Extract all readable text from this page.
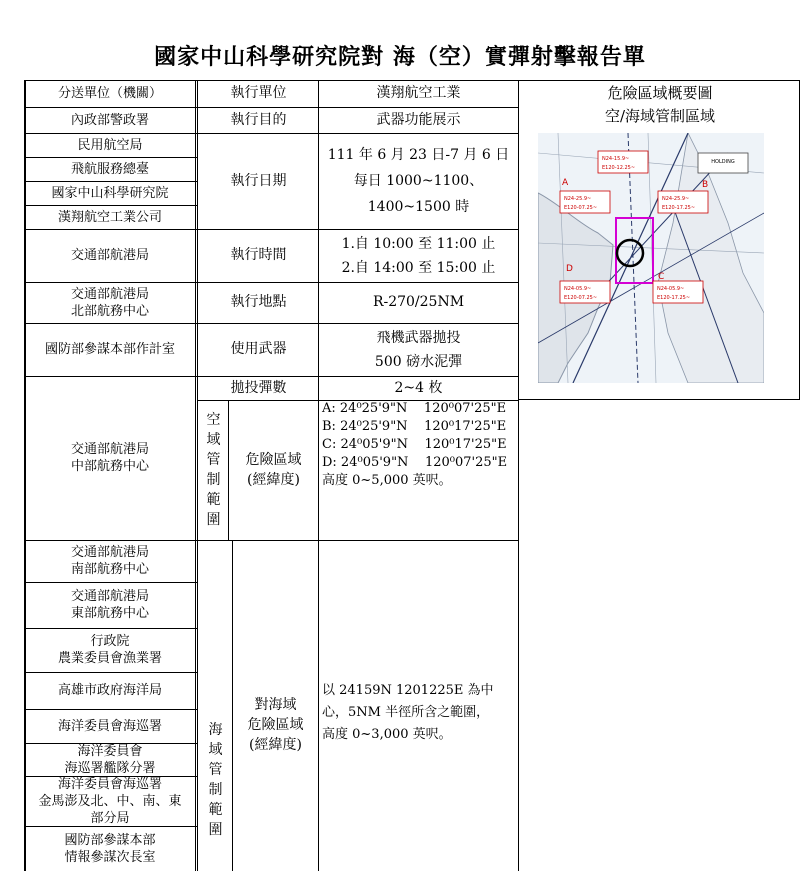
國家中山科學研究院對 海（空）實彈射擊報告單
分送單位（機關）
內政部警政署
民用航空局
飛航服務總臺
國家中山科學研究院
漢翔航空工業公司
交通部航港局
交通部航港局
北部航務中心
國防部參謀本部作計室
交通部航港局
中部航務中心
交通部航港局
南部航務中心
交通部航港局
東部航務中心
行政院
農業委員會漁業署
高雄市政府海洋局
海洋委員會海巡署
海洋委員會
海巡署艦隊分署
海洋委員會海巡署
金馬澎及北、中、南、東
部分局
國防部參謀本部
情報參謀次長室
執行單位
執行目的
執行日期
執行時間
執行地點
使用武器
拋投彈數
空
域
管
制
範
圍
危險區域
(經緯度)
海
域
管
制
範
圍
對海域
危險區域
(經緯度)
漢翔航空工業
武器功能展示
111 年 6 月 23 日-7 月 6 日
每日 1000~1100、
1400~1500 時
1.自 10:00 至 11:00 止
2.自 14:00 至 15:00 止
R-270/25NM
飛機武器拋投
500 磅水泥彈
2~4 枚
A: 24⁰25'9"N    120⁰07'25"E
B: 24⁰25'9"N    120⁰17'25"E
C: 24⁰05'9"N    120⁰17'25"E
D: 24⁰05'9"N    120⁰07'25"E
高度 0~5,000 英呎。
以 24159N 1201225E 為中
心，5NM 半徑所含之範圍，
高度 0~3,000 英呎。
危險區域概要圖
空/海域管制區域
HOLDING
N24-15.9~
E120-12.25~
N24-25.9~
E120-07.25~
N24-25.9~
E120-17.25~
N24-05.9~
E120-07.25~
N24-05.9~
E120-17.25~
A	B
C
D
